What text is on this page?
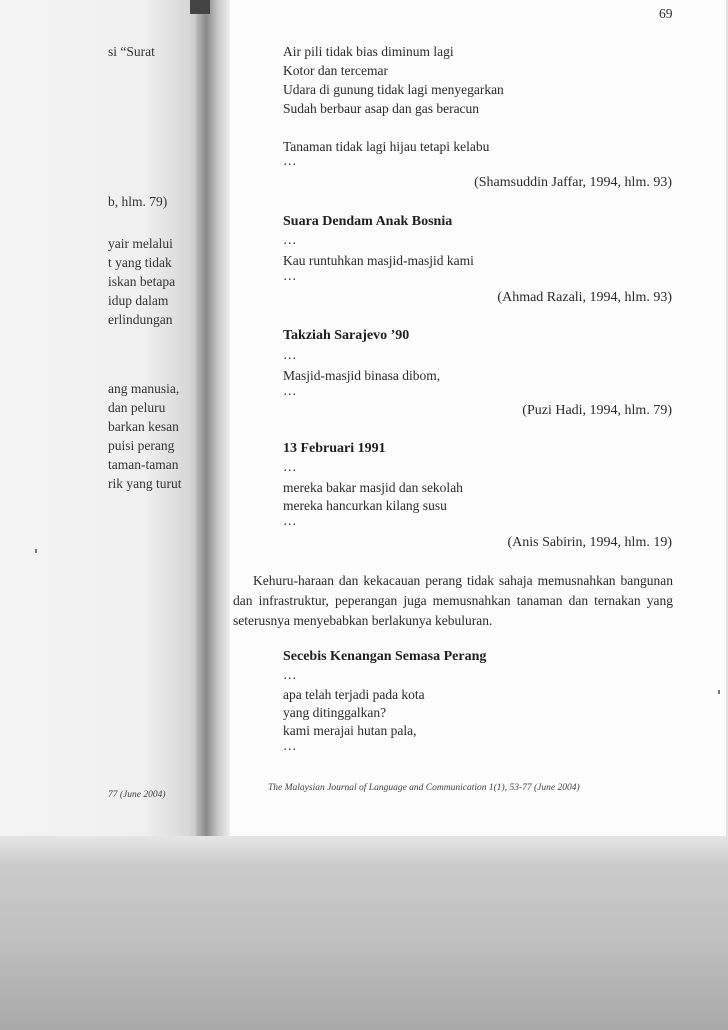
69
si “Surat
b, hlm. 79)
yair melalui
t yang tidak
iskan betapa
idup dalam
erlindungan
ang manusia,
dan peluru
barkan kesan
puisi perang
taman-taman
rik yang turut
77 (June 2004)
Air pili tidak bias diminum lagi
Kotor dan tercemar
Udara di gunung tidak lagi menyegarkan
Sudah berbaur asap dan gas beracun
Tanaman tidak lagi hijau tetapi kelabu
…
(Shamsuddin Jaffar, 1994, hlm. 93)
Suara Dendam Anak Bosnia
…
Kau runtuhkan masjid-masjid kami
…
(Ahmad Razali, 1994, hlm. 93)
Takziah Sarajevo ’90
…
Masjid-masjid binasa dibom,
…
(Puzi Hadi, 1994, hlm. 79)
13 Februari 1991
…
mereka bakar masjid dan sekolah
mereka hancurkan kilang susu
…
(Anis Sabirin, 1994, hlm. 19)
Kehuru-haraan dan kekacauan perang tidak sahaja memusnahkan bangunan dan infrastruktur, peperangan juga memusnahkan tanaman dan ternakan yang seterusnya menyebabkan berlakunya kebuluran.
Secebis Kenangan Semasa Perang
…
apa telah terjadi pada kota
yang ditinggalkan?
kami merajai hutan pala,
…
The Malaysian Journal of Language and Communication 1(1), 53-77 (June 2004)
